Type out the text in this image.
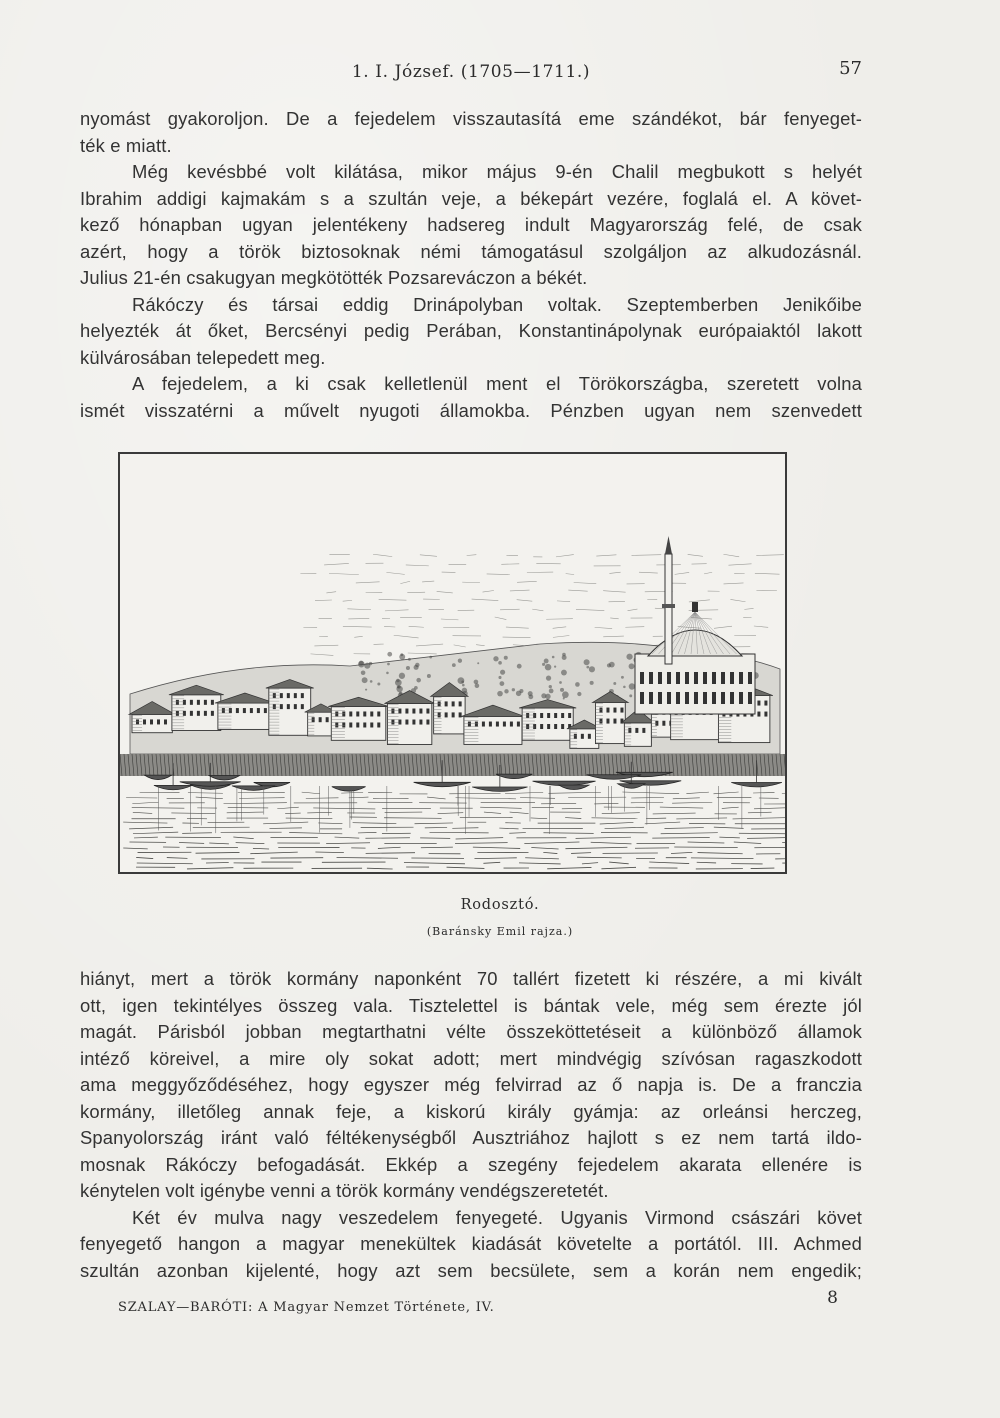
1. I. József. (1705—1711.)	57
nyomást gyakoroljon. De a fejedelem visszautasítá eme szándékot, bár fenyeget-
ték e miatt.
Még kevésbbé volt kilátása, mikor május 9-én Chalil megbukott s helyét
Ibrahim addigi kajmakám s a szultán veje, a békepárt vezére, foglalá el. A követ-
kező hónapban ugyan jelentékeny hadsereg indult Magyarország felé, de csak
azért, hogy a török biztosoknak némi támogatásul szolgáljon az alkudozásnál.
Julius 21-én csakugyan megkötötték Pozsareváczon a békét.
Rákóczy és társai eddig Drinápolyban voltak. Szeptemberben Jenikőibe
helyezték át őket, Bercsényi pedig Perában, Konstantinápolynak európaiaktól lakott
külvárosában telepedett meg.
A fejedelem, a ki csak kelletlenül ment el Törökországba, szeretett volna
ismét visszatérni a művelt nyugoti államokba. Pénzben ugyan nem szenvedett
Rodosztó.
(Baránsky Emil rajza.)
hiányt, mert a török kormány naponként 70 tallért fizetett ki részére, a mi kivált
ott, igen tekintélyes összeg vala. Tisztelettel is bántak vele, még sem érezte jól
magát. Párisból jobban megtarthatni vélte összeköttetéseit a különböző államok
intéző köreivel, a mire oly sokat adott; mert mindvégig szívósan ragaszkodott
ama meggyőződéséhez, hogy egyszer még felvirrad az ő napja is. De a franczia
kormány, illetőleg annak feje, a kiskorú király gyámja: az orleánsi herczeg,
Spanyolország iránt való féltékenységből Ausztriához hajlott s ez nem tartá ildo-
mosnak Rákóczy befogadását. Ekkép a szegény fejedelem akarata ellenére is
kénytelen volt igénybe venni a török kormány vendégszeretetét.
Két év mulva nagy veszedelem fenyegeté. Ugyanis Virmond császári követ
fenyegető hangon a magyar menekültek kiadását követelte a portától. III. Achmed
szultán azonban kijelenté, hogy azt sem becsülete, sem a korán nem engedik;
SZALAY—BARÓTI: A Magyar Nemzet Története, IV.	8
